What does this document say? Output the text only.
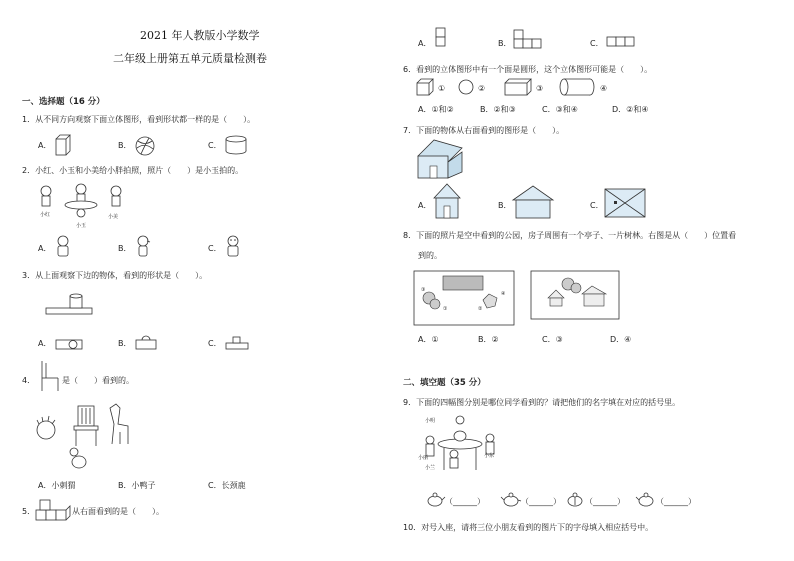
2021 年人教版小学数学
二年级上册第五单元质量检测卷
一、选择题（16 分）
1．从不同方向观察下面立体图形，看到形状都一样的是（　　）。
A．	B．	C．
2．小红、小玉和小美给小胖拍照，照片（　　）是小玉拍的。
小红
小玉
小美
A．	B．	C．
3．从上面观察下边的物体，看到的形状是（　　）。
A．	B．	C．
4．	是（　　）看到的。
A．小刺猬	B．小鸭子	C．长颈鹿
5．	从右面看到的是（　　）。
A．	B．	C．
6．看到的立体图形中有一个面是圆形，这个立体图形可能是（　　）。
①	②	③	④
A．①和②	B．②和③	C．③和④	D．②和④
7．下面的物体从右面看到的图形是（　　）。
A．	B．	C．
8．下面的照片是空中看到的公园，房子周围有一个亭子、一片树林。右图是从（　　）位置看
到的。
③
①	②
④
A．①	B．②	C．③	D．④
二、填空题（35 分）
9．下面的四幅图分别是哪位同学看到的？请把他们的名字填在对应的括号里。
小明
小丽	小东
小兰
（______）	（______）	（______）	（______）
10．对号入座，请将三位小朋友看到的图片下的字母填入相应括号中。
